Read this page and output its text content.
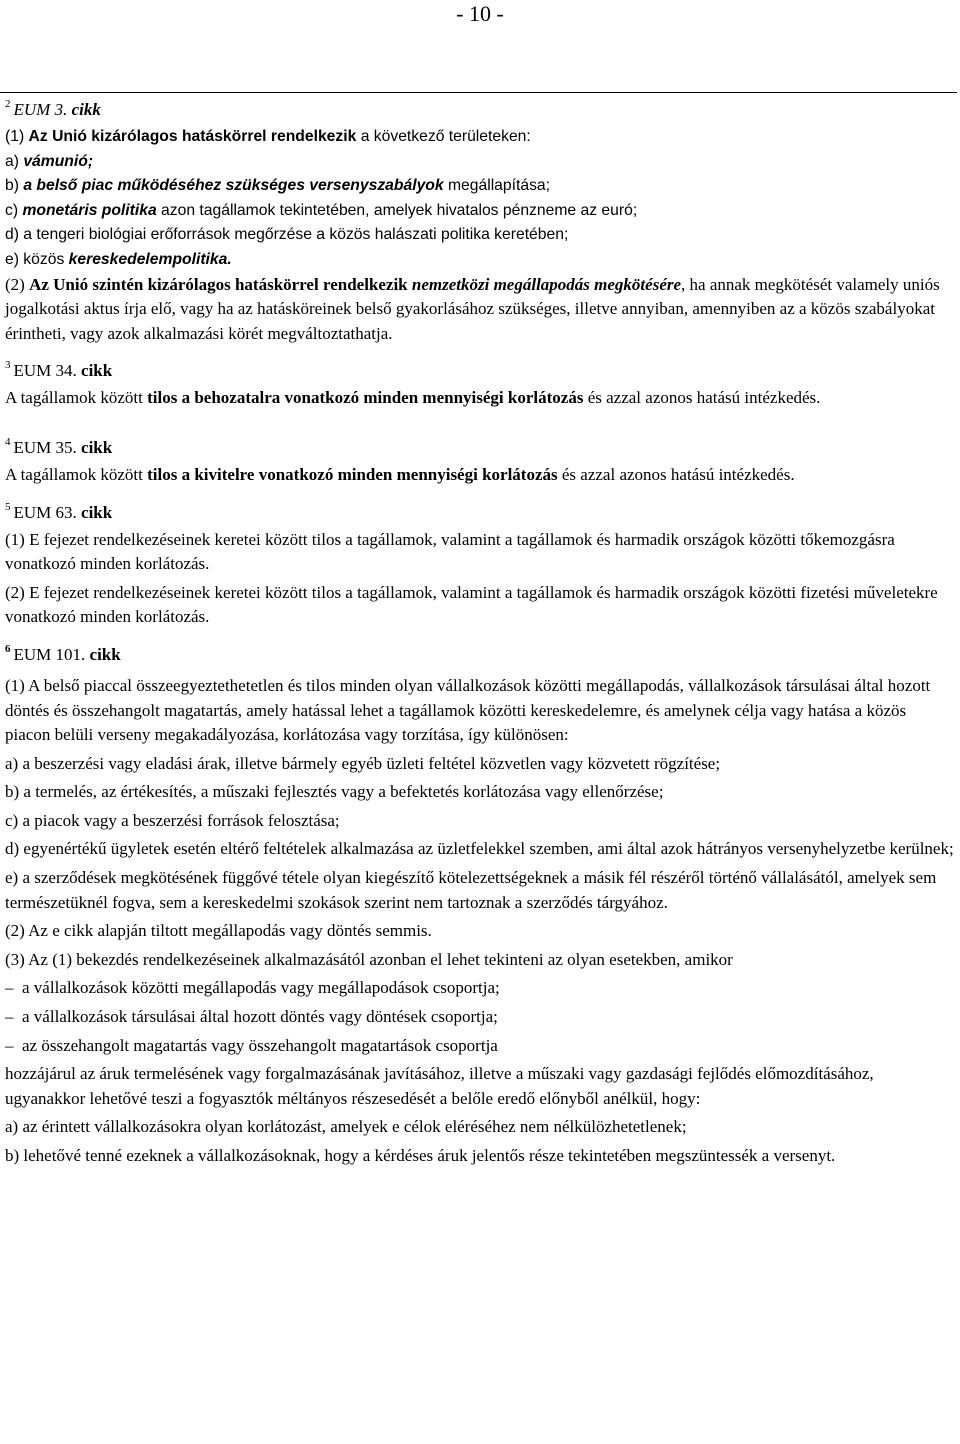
- 10 -

$^2$ EUM 3. cikk

(1) Az Unió kizárólagos hatáskörrel rendelkezik a következő területeken:

a) vámunió;

b) a belső piac működéséhez szükséges versenyszabályok megállapítása;

c) monetáris politika azon tagállamok tekintetében, amelyek hivatalos pénzneme az euró;

d) a tengeri biológiai erőforrások megőrzése a közös halászati politika keretében;

e) közös kereskedelempolitika.

(2) Az Unió szintén kizárólagos hatáskörrel rendelkezik nemzetközi megállapodás megkötésére, ha annak megkötését valamely uniós jogalkotási aktus írja elő, vagy ha az hatásköreinek belső gyakorlásához szükséges, illetve annyiban, amennyiben az a közös szabályokat érintheti, vagy azok alkalmazási körét megváltoztathatja.

$^3$ EUM 34. cikk

A tagállamok között tilos a behozatalra vonatkozó minden mennyiségi korlátozás és azzal azonos hatású intézkedés.

$^4$ EUM 35. cikk

A tagállamok között tilos a kivitelre vonatkozó minden mennyiségi korlátozás és azzal azonos hatású intézkedés.

$^5$ EUM 63. cikk

(1) E fejezet rendelkezéseinek keretei között tilos a tagállamok, valamint a tagállamok és harmadik országok közötti tőkemozgásra vonatkozó minden korlátozás.

(2) E fejezet rendelkezéseinek keretei között tilos a tagállamok, valamint a tagállamok és harmadik országok közötti fizetési műveletekre vonatkozó minden korlátozás.

$^6$ EUM 101. cikk

(1) A belső piaccal összeegyeztethetetlen és tilos minden olyan vállalkozások közötti megállapodás, vállalkozások társulásai által hozott döntés és összehangolt magatartás, amely hatással lehet a tagállamok közötti kereskedelemre, és amelynek célja vagy hatása a közös piacon belüli verseny megakadályozása, korlátozása vagy torzítása, így különösen:

a) a beszerzési vagy eladási árak, illetve bármely egyéb üzleti feltétel közvetlen vagy közvetett rögzítése;

b) a termelés, az értékesítés, a műszaki fejlesztés vagy a befektetés korlátozása vagy ellenőrzése;

c) a piacok vagy a beszerzési források felosztása;

d) egyenértékű ügyletek esetén eltérő feltételek alkalmazása az üzletfelekkel szemben, ami által azok hátrányos versenyhelyzetbe kerülnek;

e) a szerződések megkötésének függővé tétele olyan kiegészítő kötelezettségeknek a másik fél részéről történő vállalásától, amelyek sem természetüknél fogva, sem a kereskedelmi szokások szerint nem tartoznak a szerződés tárgyához.

(2) Az e cikk alapján tiltott megállapodás vagy döntés semmis.

(3) Az (1) bekezdés rendelkezéseinek alkalmazásától azonban el lehet tekinteni az olyan esetekben, amikor

– a vállalkozások közötti megállapodás vagy megállapodások csoportja;

– a vállalkozások társulásai által hozott döntés vagy döntések csoportja;

– az összehangolt magatartás vagy összehangolt magatartások csoportja

hozzájárul az áruk termelésének vagy forgalmazásának javításához, illetve a műszaki vagy gazdasági fejlődés előmozdításához, ugyanakkor lehetővé teszi a fogyasztók méltányos részesedését a belőle eredő előnyből anélkül, hogy:

a) az érintett vállalkozásokra olyan korlátozást, amelyek e célok eléréséhez nem nélkülözhetetlenek;

b) lehetővé tenné ezeknek a vállalkozásoknak, hogy a kérdéses áruk jelentős része tekintetében megszüntessék a versenyt.
